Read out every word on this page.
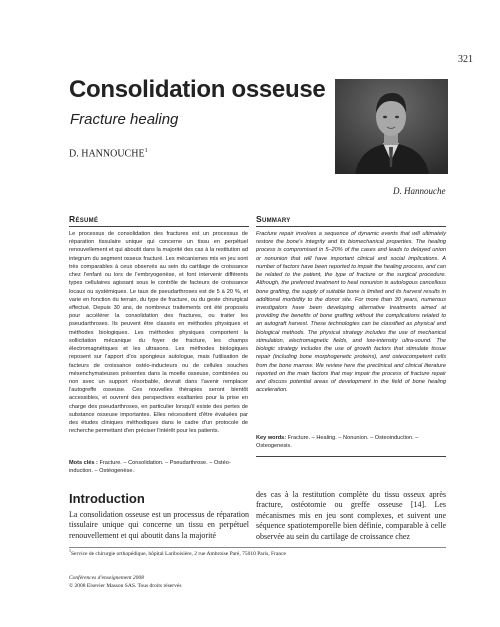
321
Consolidation osseuse
Fracture healing
D. HANNOUCHE$^1$
D. Hannouche
Résumé
Le processus de consolidation des fractures est un processus de réparation tissulaire unique qui concerne un tissu en perpétuel renouvellement et qui aboutit dans la majorité des cas à la restitution ad integrum du segment osseux fracturé. Les mécanismes mis en jeu sont très comparables à ceux observés au sein du cartilage de croissance chez l'enfant ou lors de l'embryogenèse, et font intervenir différents types cellulaires agissant sous le contrôle de facteurs de croissance locaux ou systémiques. Le taux de pseudarthroses est de 5 à 20 %, et varie en fonction du terrain, du type de fracture, ou du geste chirurgical effectué. Depuis 30 ans, de nombreux traitements ont été proposés pour accélérer la consolidation des fractures, ou traiter les pseudarthroses. Ils peuvent être classés en méthodes physiques et méthodes biologiques. Les méthodes physiques comportent la sollicitation mécanique du foyer de fracture, les champs électromagnétiques et les ultrasons. Les méthodes biologiques reposent sur l'apport d'os spongieux autologue, mais l'utilisation de facteurs de croissance ostéo-inducteurs ou de cellules souches mésenchymateuses présentes dans la moelle osseuse, combinées ou non avec un support résorbable, devrait dans l'avenir remplacer l'autogreffe osseuse. Ces nouvelles thérapies seront bientôt accessibles, et ouvrent des perspectives exaltantes pour la prise en charge des pseudarthroses, en particulier lorsqu'il existe des pertes de substance osseuse importantes. Elles nécessitent d'être évaluées par des études cliniques méthodiques dans le cadre d'un protocole de recherche permettant d'en préciser l'intérêt pour les patients.
Summary
Fracture repair involves a sequence of dynamic events that will ultimately restore the bone's integrity and its biomechanical properties. The healing process is compromised in 5–20% of the cases and leads to delayed union or nonunion that will have important clinical and social implications. A number of factors have been reported to impair the healing process, and can be related to the patient, the type of fracture or the surgical procedure. Although, the preferred treatment to heal nonunion is autologous cancellous bone grafting, the supply of suitable bone is limited and its harvest results in additional morbidity to the donor site. For more than 30 years, numerous investigators have been developing alternative treatments aimed at providing the benefits of bone grafting without the complications related to an autograft harvest. These technologies can be classified as physical and biological methods. The physical strategy includes the use of mechanical stimulation, electromagnetic fields, and low-intensity ultra-sound. The biologic strategy includes the use of growth factors that stimulate tissue repair (including bone morphogenetic proteins), and osteocompetent cells from the bone marrow. We review here the preclinical and clinical literature reported on the main factors that may impair the process of fracture repair and discuss potential areas of development in the field of bone healing acceleration.
Key words: Fracture. – Healing. – Nonunion. – Osteoinduction. – Osteogenesis.
Mots clés : Fracture. – Consolidation. – Pseudarthrose. – Ostéo-induction. – Ostéogenèse.
Introduction
La consolidation osseuse est un processus de réparation tissulaire unique qui concerne un tissu en perpétuel renouvellement et qui aboutit dans la majorité
des cas à la restitution complète du tissu osseux après fracture, ostéotomie ou greffe osseuse [14]. Les mécanismes mis en jeu sont complexes, et suivent une séquence spatiotemporelle bien définie, comparable à celle observée au sein du cartilage de croissance chez
$^1$Service de chirurgie orthopédique, hôpital Lariboisière, 2 rue Ambroise Paré, 75010 Paris, France
Conférences d'enseignement 2008
© 2008 Elsevier Masson SAS. Tous droits réservés
